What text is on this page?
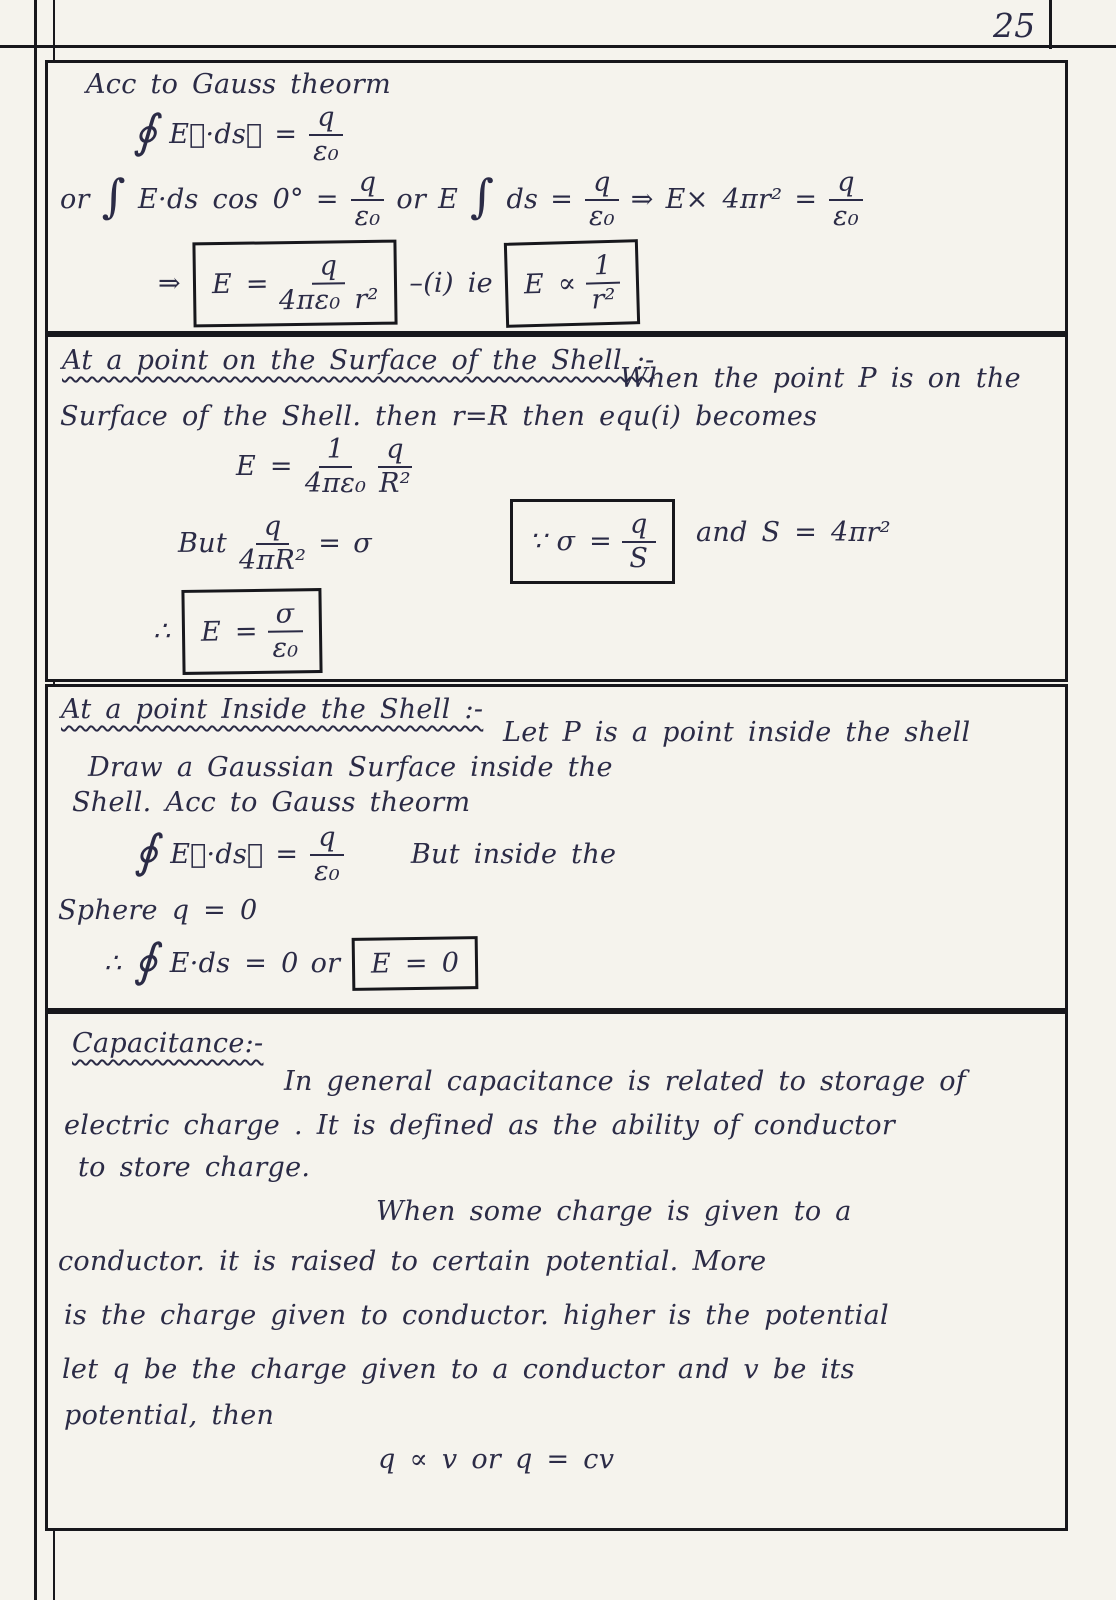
25
Acc to Gauss theorm
∮ E⃗·ds⃗ = $\frac{q}{\text{ε₀}}$
or ∫ E·ds $\cos 0^\circ = \frac{q}{\text{ε₀}}$ or E ∫ ds = $\frac{q}{\text{ε₀}}$ ⇒ $E\times 4\pi r^2 = \frac{q}{\text{ε₀}}$
⇒ $E = \frac{q}{\text{4πε₀ r²}} -(i)$ ie $E \propto \frac{1}{\text{r²}}$
At a point on the Surface of the Shell :-
When the point P is on the
Surface of the Shell. then r=R then equ(i) becomes
$E = \frac{1}{\text{4πε₀}} \frac{q}{\text{R²}}$
But $\frac{q}{\text{4πR²}} = \sigma$	∵ $\sigma = \frac{q}{S}$ and S = 4πr²
∴ $E = \frac{\sigma}{\text{ε₀}}$
At a point Inside the Shell :-
Let P is a point inside the shell
Draw a Gaussian Surface inside the
Shell. Acc to Gauss theorm
∮ E⃗·ds⃗ = $\frac{q}{\text{ε₀}}$ But inside the
Sphere q = 0
∴ ∮ E·ds = 0 or	E = 0
Capacitance:-
In general capacitance is related to storage of
electric charge . It is defined as the ability of conductor
to store charge.
When some charge is given to a
conductor. it is raised to certain potential. More
is the charge given to conductor. higher is the potential
let q be the charge given to a conductor and v be its
potential, then
q ∝ v or q = cv
